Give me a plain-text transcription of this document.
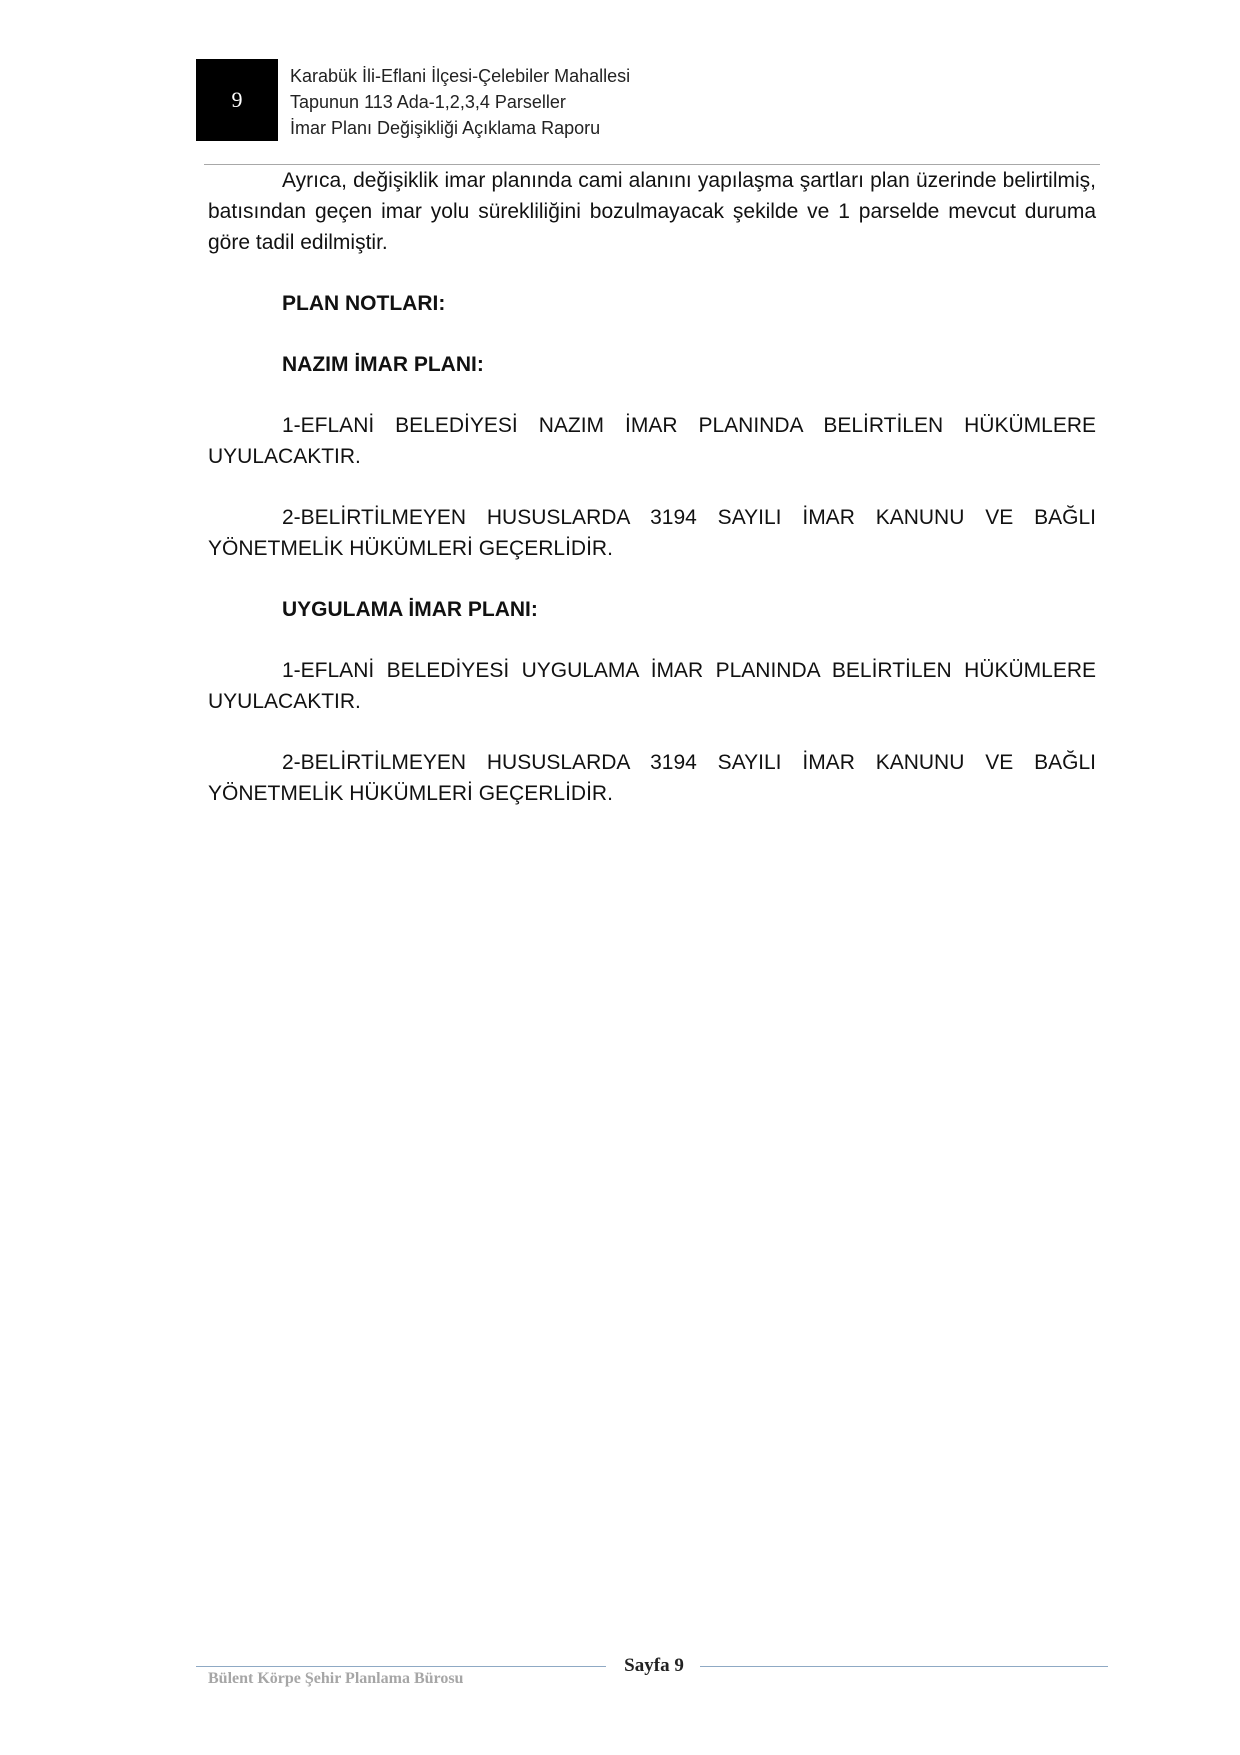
9
Karabük İli-Eflani İlçesi-Çelebiler Mahallesi
Tapunun 113 Ada-1,2,3,4 Parseller
İmar Planı Değişikliği Açıklama Raporu

Ayrıca, değişiklik imar planında cami alanını yapılaşma şartları plan üzerinde belirtilmiş, batısından geçen imar yolu sürekliliğini bozulmayacak şekilde ve 1 parselde mevcut duruma göre tadil edilmiştir.

PLAN NOTLARI:

NAZIM İMAR PLANI:

1-EFLANİ BELEDİYESİ NAZIM İMAR PLANINDA BELİRTİLEN HÜKÜMLERE UYULACAKTIR.

2-BELİRTİLMEYEN HUSUSLARDA 3194 SAYILI İMAR KANUNU VE BAĞLI YÖNETMELİK HÜKÜMLERİ GEÇERLİDİR.

UYGULAMA İMAR PLANI:

1-EFLANİ BELEDİYESİ UYGULAMA İMAR PLANINDA BELİRTİLEN HÜKÜMLERE UYULACAKTIR.

2-BELİRTİLMEYEN HUSUSLARDA 3194 SAYILI İMAR KANUNU VE BAĞLI YÖNETMELİK HÜKÜMLERİ GEÇERLİDİR.

Sayfa 9
Bülent Körpe Şehir Planlama Bürosu
